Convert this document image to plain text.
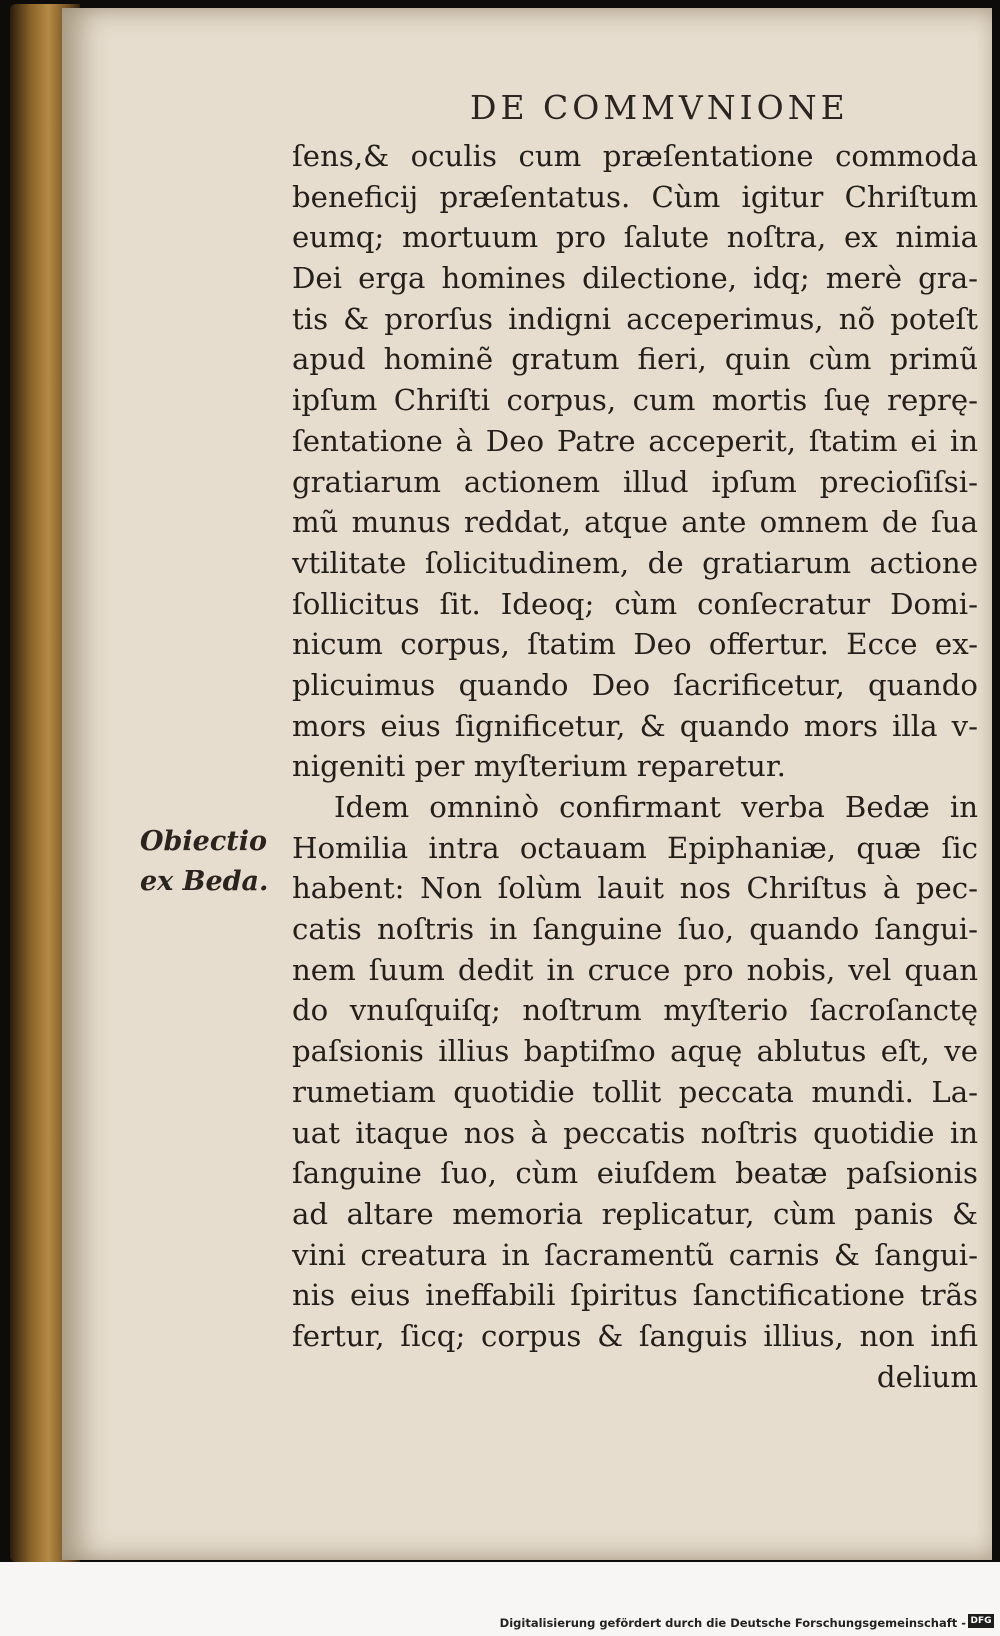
DE COMMVNIONE
Obiectio
ex Beda.
ſens,& oculis cum præſentatione commoda
beneficij præſentatus. Cùm igitur Chriſtum
eumq; mortuum pro ſalute noſtra, ex nimia
Dei erga homines dilectione, idq; merè gra-
tis & prorſus indigni acceperimus, nõ poteſt
apud hominẽ gratum fieri, quin cùm primũ
ipſum Chriſti corpus, cum mortis ſuę reprę-
ſentatione à Deo Patre acceperit, ſtatim ei in
gratiarum actionem illud ipſum precioſiſsi-
mũ munus reddat, atque ante omnem de ſua
vtilitate ſolicitudinem, de gratiarum actione
ſollicitus ſit. Ideoq; cùm conſecratur Domi-
nicum corpus, ſtatim Deo offertur. Ecce ex-
plicuimus quando Deo ſacrificetur, quando
mors eius ſignificetur, & quando mors illa v-
nigeniti per myſterium reparetur.
Idem omninò confirmant verba Bedæ in
Homilia intra octauam Epiphaniæ, quæ ſic
habent: Non ſolùm lauit nos Chriſtus à pec-
catis noſtris in ſanguine ſuo, quando ſangui-
nem ſuum dedit in cruce pro nobis, vel quan
do vnuſquiſq; noſtrum myſterio ſacroſanctę
paſsionis illius baptiſmo aquę ablutus eſt, ve
rumetiam quotidie tollit peccata mundi. La-
uat itaque nos à peccatis noſtris quotidie in
ſanguine ſuo, cùm eiuſdem beatæ paſsionis
ad altare memoria replicatur, cùm panis &
vini creatura in ſacramentũ carnis & ſangui-
nis eius ineffabili ſpiritus ſanctificatione trãs
fertur, ſicq; corpus & ſanguis illius, non infi
delium
Digitalisierung gefördert durch die Deutsche Forschungsgemeinschaft - DFG
